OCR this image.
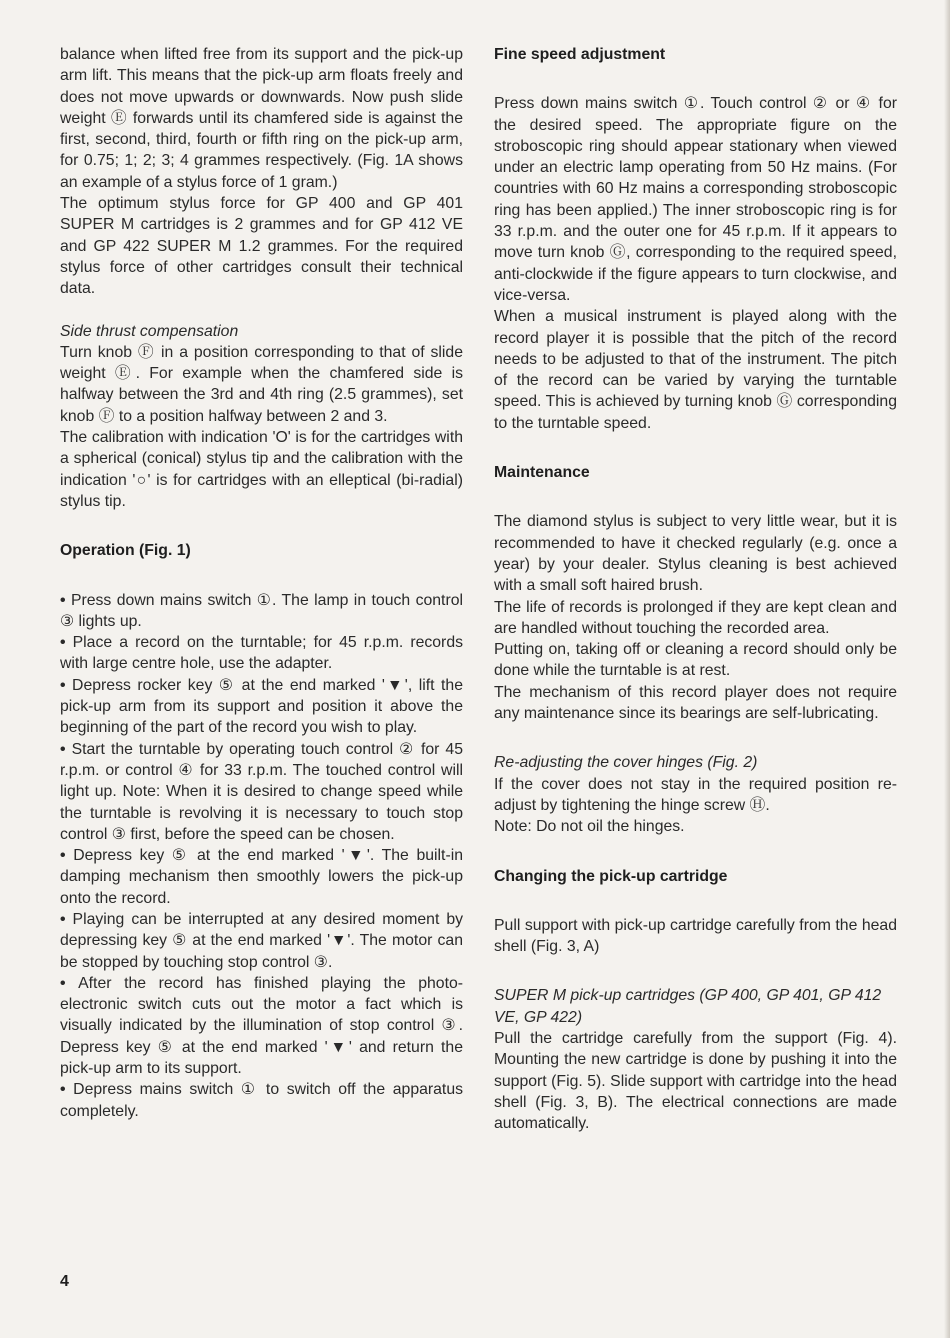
balance when lifted free from its support and the pick-up arm lift. This means that the pick-up arm floats freely and does not move upwards or downwards. Now push slide weight Ⓔ forwards until its chamfered side is against the first, second, third, fourth or fifth ring on the pick-up arm, for 0.75; 1; 2; 3; 4 grammes respectively. (Fig. 1A shows an example of a stylus force of 1 gram.)

The optimum stylus force for GP 400 and GP 401 SUPER M cartridges is 2 grammes and for GP 412 VE and GP 422 SUPER M 1.2 grammes. For the required stylus force of other cartridges consult their technical data.

Side thrust compensation

Turn knob Ⓕ in a position corresponding to that of slide weight Ⓔ. For example when the chamfered side is halfway between the 3rd and 4th ring (2.5 grammes), set knob Ⓕ to a position halfway between 2 and 3.

The calibration with indication 'O' is for the cartridges with a spherical (conical) stylus tip and the calibration with the indication '○' is for cartridges with an elleptical (bi-radial) stylus tip.

Operation (Fig. 1)

• Press down mains switch ①. The lamp in touch control ③ lights up.

• Place a record on the turntable; for 45 r.p.m. records with large centre hole, use the adapter.

• Depress rocker key ⑤ at the end marked '▼', lift the pick-up arm from its support and position it above the beginning of the part of the record you wish to play.

• Start the turntable by operating touch control ② for 45 r.p.m. or control ④ for 33 r.p.m. The touched control will light up. Note: When it is desired to change speed while the turntable is revolving it is necessary to touch stop control ③ first, before the speed can be chosen.

• Depress key ⑤ at the end marked '▼'. The built-in damping mechanism then smoothly lowers the pick-up onto the record.

• Playing can be interrupted at any desired moment by depressing key ⑤ at the end marked '▼'. The motor can be stopped by touching stop control ③.

• After the record has finished playing the photo-electronic switch cuts out the motor a fact which is visually indicated by the illumination of stop control ③. Depress key ⑤ at the end marked '▼' and return the pick-up arm to its support.

• Depress mains switch ① to switch off the apparatus completely.

Fine speed adjustment

Press down mains switch ①. Touch control ② or ④ for the desired speed. The appropriate figure on the stroboscopic ring should appear stationary when viewed under an electric lamp operating from 50 Hz mains. (For countries with 60 Hz mains a corresponding stroboscopic ring has been applied.) The inner stroboscopic ring is for 33 r.p.m. and the outer one for 45 r.p.m. If it appears to move turn knob Ⓖ, corresponding to the required speed, anti-clockwide if the figure appears to turn clockwise, and vice-versa.

When a musical instrument is played along with the record player it is possible that the pitch of the record needs to be adjusted to that of the instrument. The pitch of the record can be varied by varying the turntable speed. This is achieved by turning knob Ⓖ corresponding to the turntable speed.

Maintenance

The diamond stylus is subject to very little wear, but it is recommended to have it checked regularly (e.g. once a year) by your dealer. Stylus cleaning is best achieved with a small soft haired brush.

The life of records is prolonged if they are kept clean and are handled without touching the recorded area.

Putting on, taking off or cleaning a record should only be done while the turntable is at rest.

The mechanism of this record player does not require any maintenance since its bearings are self-lubricating.

Re-adjusting the cover hinges (Fig. 2)

If the cover does not stay in the required position re-adjust by tightening the hinge screw Ⓗ.

Note: Do not oil the hinges.

Changing the pick-up cartridge

Pull support with pick-up cartridge carefully from the head shell (Fig. 3, A)

SUPER M pick-up cartridges (GP 400, GP 401, GP 412 VE, GP 422)

Pull the cartridge carefully from the support (Fig. 4). Mounting the new cartridge is done by pushing it into the support (Fig. 5). Slide support with cartridge into the head shell (Fig. 3, B). The electrical connections are made automatically.

4
